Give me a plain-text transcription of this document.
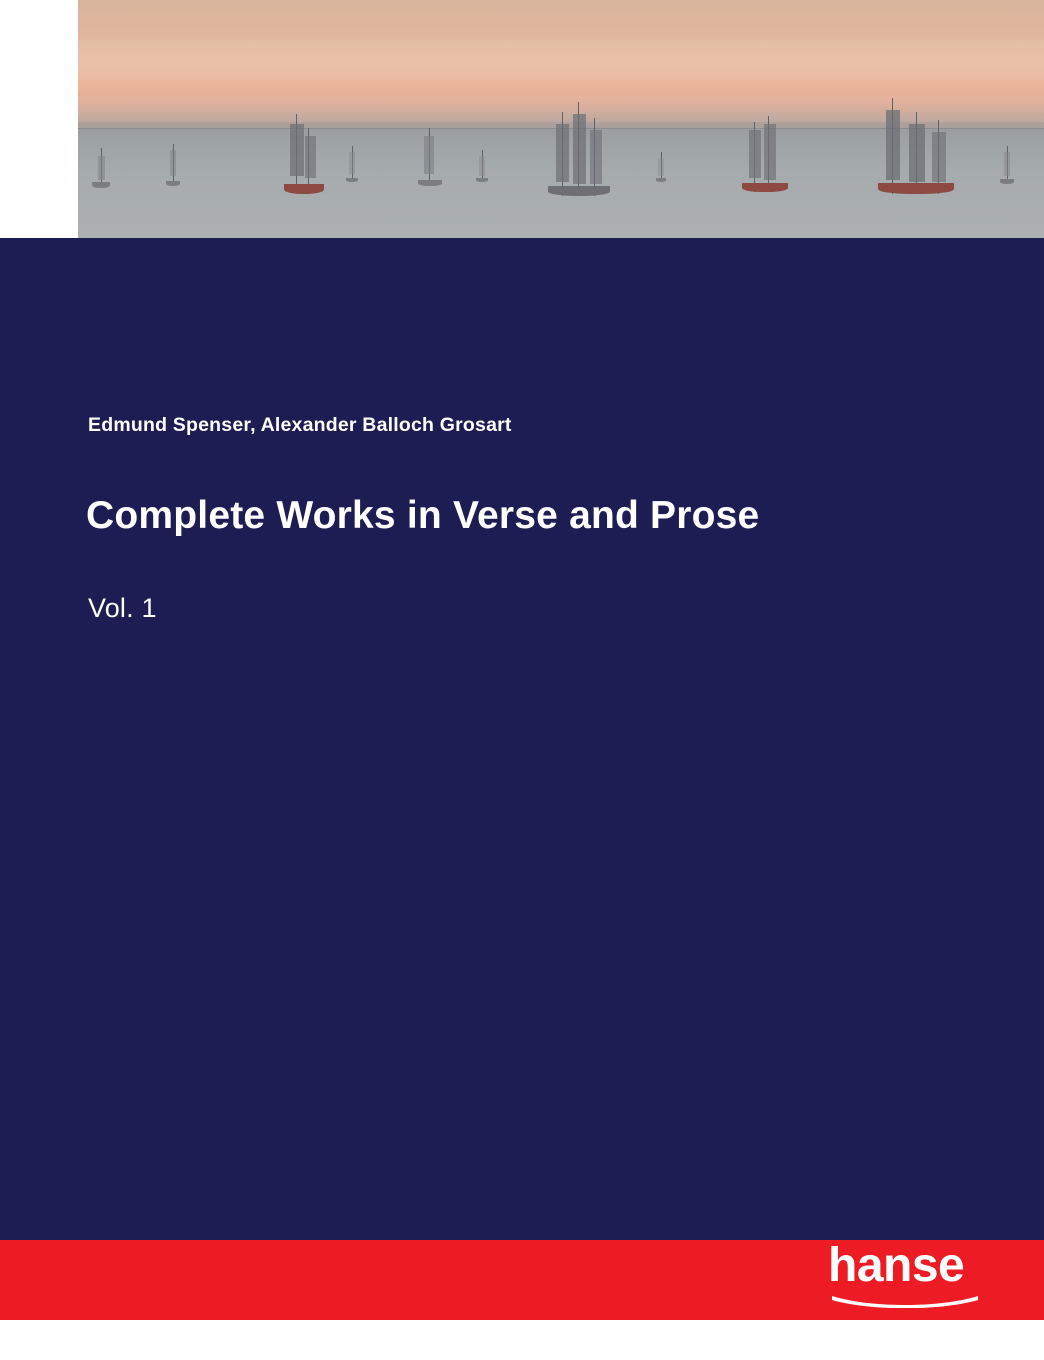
Edmund Spenser, Alexander Balloch Grosart
Complete Works in Verse and Prose
Vol. 1
hanse
